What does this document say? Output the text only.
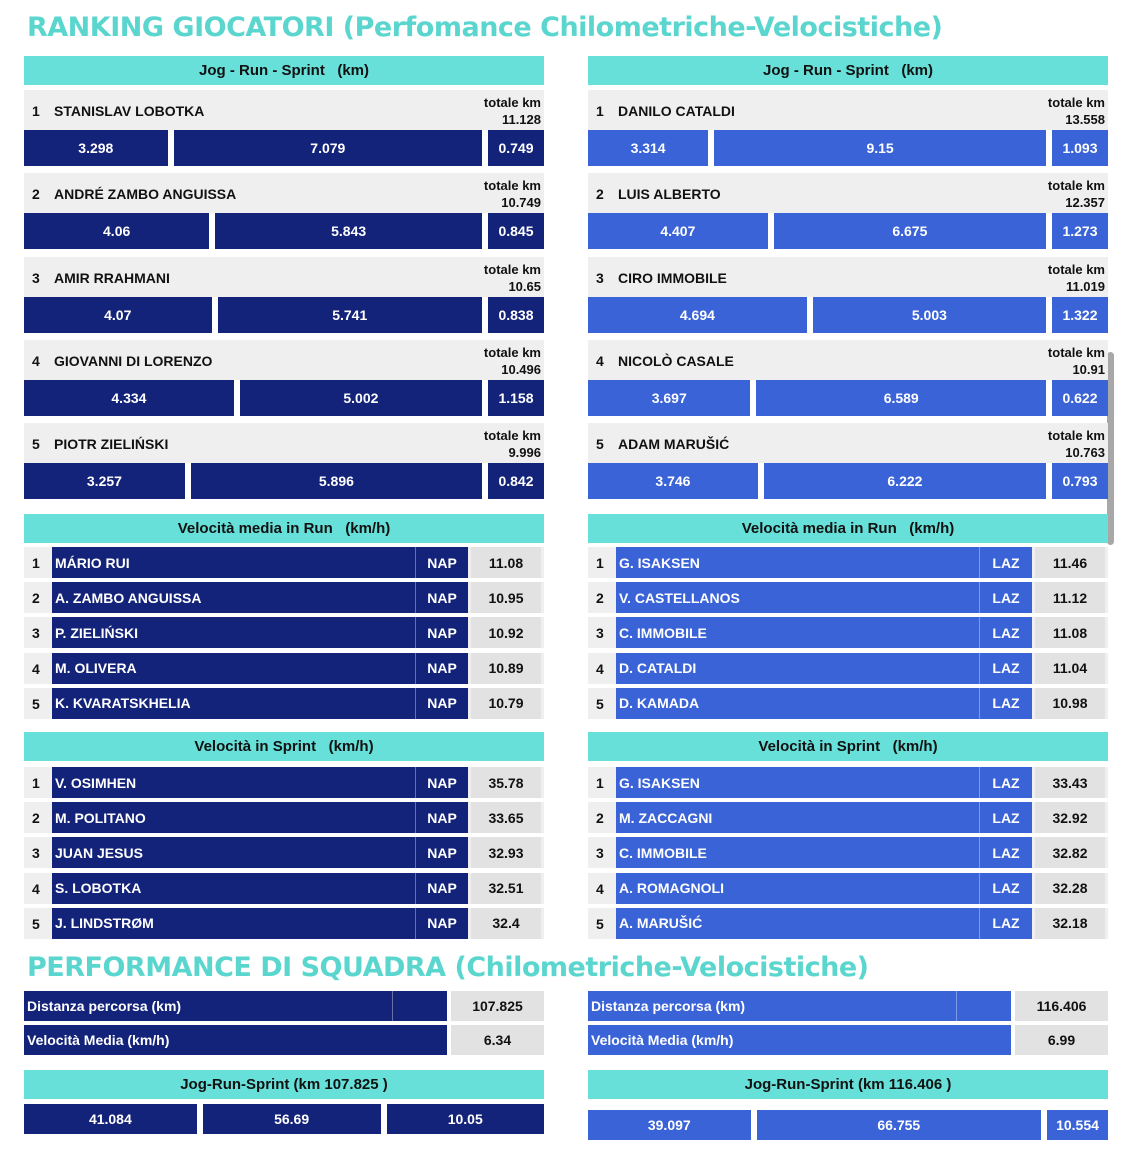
RANKING GIOCATORI (Perfomance Chilometriche-Velocistiche)
PERFORMANCE DI SQUADRA (Chilometriche-Velocistiche)
Jog - Run - Sprint   (km)
1 STANISLAV LOBOTKA
totale km
11.128
3.298	7.079	0.749
2 ANDRÉ ZAMBO ANGUISSA
totale km
10.749
4.06	5.843	0.845
3 AMIR RRAHMANI
totale km
10.65
4.07	5.741	0.838
4 GIOVANNI DI LORENZO
totale km
10.496
4.334	5.002	1.158
5 PIOTR ZIELIŃSKI
totale km
9.996
3.257	5.896	0.842
Velocità media in Run   (km/h)
1 MÁRIO RUI	NAP	11.08
2 A. ZAMBO ANGUISSA	NAP	10.95
3 P. ZIELIŃSKI	NAP	10.92
4 M. OLIVERA	NAP	10.89
5 K. KVARATSKHELIA	NAP	10.79
Velocità in Sprint   (km/h)
1 V. OSIMHEN	NAP	35.78
2 M. POLITANO	NAP	33.65
3 JUAN JESUS	NAP	32.93
4 S. LOBOTKA	NAP	32.51
5 J. LINDSTRØM	NAP	32.4
Distanza percorsa (km)	107.825
Velocità Media (km/h)	6.34
Jog-Run-Sprint (km 107.825 )
41.084	56.69	10.05
Jog - Run - Sprint   (km)
1 DANILO CATALDI
totale km
13.558
3.314	9.15	1.093
2 LUIS ALBERTO
totale km
12.357
4.407	6.675	1.273
3 CIRO IMMOBILE
totale km
11.019
4.694	5.003	1.322
4 NICOLÒ CASALE
totale km
10.91
3.697	6.589	0.622
5 ADAM MARUŠIĆ
totale km
10.763
3.746	6.222	0.793
Velocità media in Run   (km/h)
1 G. ISAKSEN	LAZ	11.46
2 V. CASTELLANOS	LAZ	11.12
3 C. IMMOBILE	LAZ	11.08
4 D. CATALDI	LAZ	11.04
5 D. KAMADA	LAZ	10.98
Velocità in Sprint   (km/h)
1 G. ISAKSEN	LAZ	33.43
2 M. ZACCAGNI	LAZ	32.92
3 C. IMMOBILE	LAZ	32.82
4 A. ROMAGNOLI	LAZ	32.28
5 A. MARUŠIĆ	LAZ	32.18
Distanza percorsa (km)	116.406
Velocità Media (km/h)	6.99
Jog-Run-Sprint (km 116.406 )
39.097	66.755	10.554
